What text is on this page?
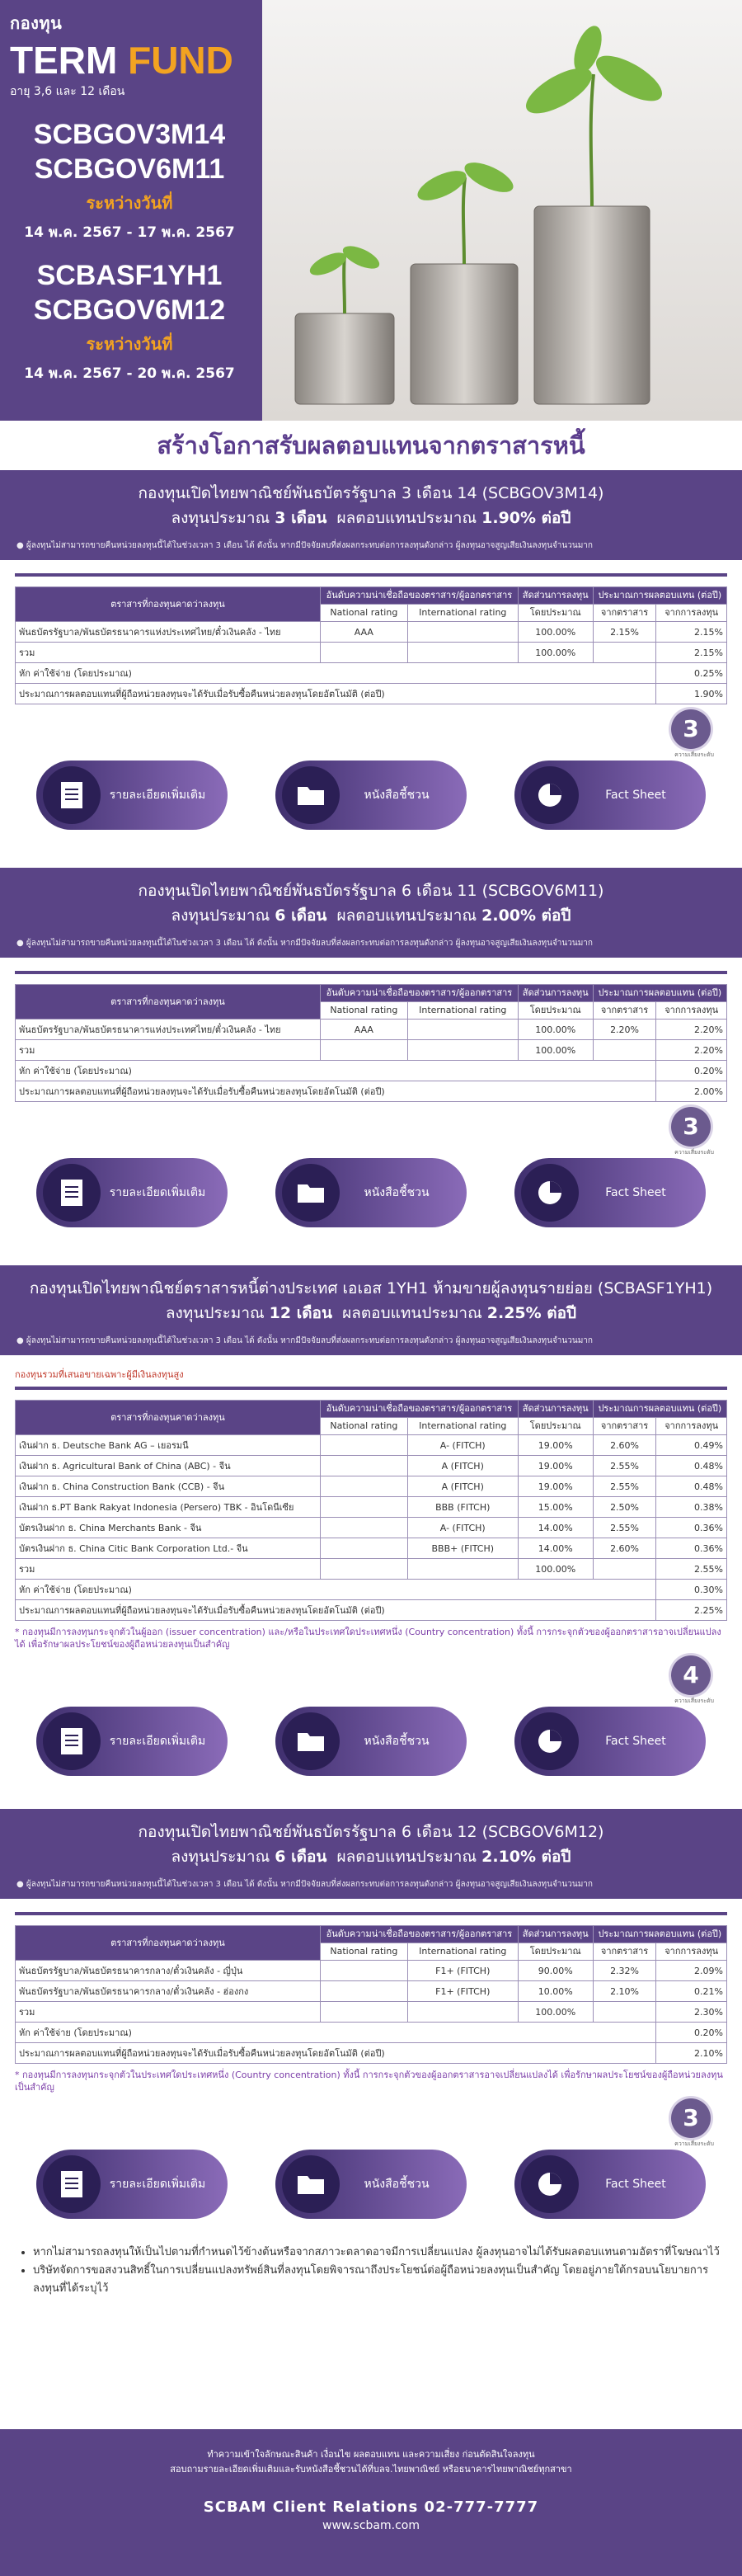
กองทุน
TERM FUND
อายุ 3,6 และ 12 เดือน
SCBGOV3M14
SCBGOV6M11
ระหว่างวันที่
14 พ.ค. 2567 - 17 พ.ค. 2567
SCBASF1YH1
SCBGOV6M12
ระหว่างวันที่
14 พ.ค. 2567 - 20 พ.ค. 2567
สร้างโอกาสรับผลตอบแทนจากตราสารหนี้
กองทุนเปิดไทยพาณิชย์พันธบัตรรัฐบาล 3 เดือน 14 (SCBGOV3M14)
ลงทุนประมาณ 3 เดือน ผลตอบแทนประมาณ 1.90% ต่อปี
● ผู้ลงทุนไม่สามารถขายคืนหน่วยลงทุนนี้ได้ในช่วงเวลา 3 เดือน ได้ ดังนั้น หากมีปัจจัยลบที่ส่งผลกระทบต่อการลงทุนดังกล่าว ผู้ลงทุนอาจสูญเสียเงินลงทุนจำนวนมาก
ตราสารที่กองทุนคาดว่าลงทุน	อันดับความน่าเชื่อถือของตราสาร/ผู้ออกตราสาร		สัดส่วนการลงทุน	ประมาณการผลตอบแทน (ต่อปี)	
	National rating	International rating	โดยประมาณ	จากตราสาร	จากการลงทุน
พันธบัตรรัฐบาล/พันธบัตรธนาคารแห่งประเทศไทย/ตั๋วเงินคลัง - ไทย	AAA		100.00%	2.15%	2.15%
รวม			100.00%		2.15%
หัก ค่าใช้จ่าย (โดยประมาณ)					0.25%
ประมาณการผลตอบแทนที่ผู้ถือหน่วยลงทุนจะได้รับเมื่อรับซื้อคืนหน่วยลงทุนโดยอัตโนมัติ (ต่อปี)					1.90%
3
ความเสี่ยงระดับ
รายละเอียดเพิ่มเติม	หนังสือชี้ชวน	Fact Sheet
กองทุนเปิดไทยพาณิชย์พันธบัตรรัฐบาล 6 เดือน 11 (SCBGOV6M11)
ลงทุนประมาณ 6 เดือน ผลตอบแทนประมาณ 2.00% ต่อปี
● ผู้ลงทุนไม่สามารถขายคืนหน่วยลงทุนนี้ได้ในช่วงเวลา 3 เดือน ได้ ดังนั้น หากมีปัจจัยลบที่ส่งผลกระทบต่อการลงทุนดังกล่าว ผู้ลงทุนอาจสูญเสียเงินลงทุนจำนวนมาก
ตราสารที่กองทุนคาดว่าลงทุน	อันดับความน่าเชื่อถือของตราสาร/ผู้ออกตราสาร		สัดส่วนการลงทุน	ประมาณการผลตอบแทน (ต่อปี)	
	National rating	International rating	โดยประมาณ	จากตราสาร	จากการลงทุน
พันธบัตรรัฐบาล/พันธบัตรธนาคารแห่งประเทศไทย/ตั๋วเงินคลัง - ไทย	AAA		100.00%	2.20%	2.20%
รวม			100.00%		2.20%
หัก ค่าใช้จ่าย (โดยประมาณ)					0.20%
ประมาณการผลตอบแทนที่ผู้ถือหน่วยลงทุนจะได้รับเมื่อรับซื้อคืนหน่วยลงทุนโดยอัตโนมัติ (ต่อปี)					2.00%
3
ความเสี่ยงระดับ
รายละเอียดเพิ่มเติม	หนังสือชี้ชวน	Fact Sheet
กองทุนเปิดไทยพาณิชย์ตราสารหนี้ต่างประเทศ เอเอส 1YH1 ห้ามขายผู้ลงทุนรายย่อย (SCBASF1YH1)
ลงทุนประมาณ 12 เดือน ผลตอบแทนประมาณ 2.25% ต่อปี
● ผู้ลงทุนไม่สามารถขายคืนหน่วยลงทุนนี้ได้ในช่วงเวลา 3 เดือน ได้ ดังนั้น หากมีปัจจัยลบที่ส่งผลกระทบต่อการลงทุนดังกล่าว ผู้ลงทุนอาจสูญเสียเงินลงทุนจำนวนมาก
กองทุนรวมที่เสนอขายเฉพาะผู้มีเงินลงทุนสูง
ตราสารที่กองทุนคาดว่าลงทุน	อันดับความน่าเชื่อถือของตราสาร/ผู้ออกตราสาร		สัดส่วนการลงทุน	ประมาณการผลตอบแทน (ต่อปี)	
	National rating	International rating	โดยประมาณ	จากตราสาร	จากการลงทุน
เงินฝาก ธ. Deutsche Bank AG – เยอรมนี		A- (FITCH)	19.00%	2.60%	0.49%
เงินฝาก ธ. Agricultural Bank of China (ABC) - จีน		A (FITCH)	19.00%	2.55%	0.48%
เงินฝาก ธ. China Construction Bank (CCB) - จีน		A (FITCH)	19.00%	2.55%	0.48%
เงินฝาก ธ.PT Bank Rakyat Indonesia (Persero) TBK - อินโดนีเซีย		BBB (FITCH)	15.00%	2.50%	0.38%
บัตรเงินฝาก ธ. China Merchants Bank - จีน		A- (FITCH)	14.00%	2.55%	0.36%
บัตรเงินฝาก ธ. China Citic Bank Corporation Ltd.- จีน		BBB+ (FITCH)	14.00%	2.60%	0.36%
รวม			100.00%		2.55%
หัก ค่าใช้จ่าย (โดยประมาณ)					0.30%
ประมาณการผลตอบแทนที่ผู้ถือหน่วยลงทุนจะได้รับเมื่อรับซื้อคืนหน่วยลงทุนโดยอัตโนมัติ (ต่อปี)					2.25%
* กองทุนมีการลงทุนกระจุกตัวในผู้ออก (issuer concentration) และ/หรือในประเทศใดประเทศหนึ่ง (Country concentration) ทั้งนี้ การกระจุกตัวของผู้ออกตราสารอาจเปลี่ยนแปลงได้ เพื่อรักษาผลประโยชน์ของผู้ถือหน่วยลงทุนเป็นสำคัญ
4
ความเสี่ยงระดับ
รายละเอียดเพิ่มเติม	หนังสือชี้ชวน	Fact Sheet
กองทุนเปิดไทยพาณิชย์พันธบัตรรัฐบาล 6 เดือน 12 (SCBGOV6M12)
ลงทุนประมาณ 6 เดือน ผลตอบแทนประมาณ 2.10% ต่อปี
● ผู้ลงทุนไม่สามารถขายคืนหน่วยลงทุนนี้ได้ในช่วงเวลา 3 เดือน ได้ ดังนั้น หากมีปัจจัยลบที่ส่งผลกระทบต่อการลงทุนดังกล่าว ผู้ลงทุนอาจสูญเสียเงินลงทุนจำนวนมาก
ตราสารที่กองทุนคาดว่าลงทุน	อันดับความน่าเชื่อถือของตราสาร/ผู้ออกตราสาร		สัดส่วนการลงทุน	ประมาณการผลตอบแทน (ต่อปี)	
	National rating	International rating	โดยประมาณ	จากตราสาร	จากการลงทุน
พันธบัตรรัฐบาล/พันธบัตรธนาคารกลาง/ตั๋วเงินคลัง - ญี่ปุ่น		F1+ (FITCH)	90.00%	2.32%	2.09%
พันธบัตรรัฐบาล/พันธบัตรธนาคารกลาง/ตั๋วเงินคลัง - ฮ่องกง		F1+ (FITCH)	10.00%	2.10%	0.21%
รวม			100.00%		2.30%
หัก ค่าใช้จ่าย (โดยประมาณ)					0.20%
ประมาณการผลตอบแทนที่ผู้ถือหน่วยลงทุนจะได้รับเมื่อรับซื้อคืนหน่วยลงทุนโดยอัตโนมัติ (ต่อปี)					2.10%
* กองทุนมีการลงทุนกระจุกตัวในประเทศใดประเทศหนึ่ง (Country concentration) ทั้งนี้ การกระจุกตัวของผู้ออกตราสารอาจเปลี่ยนแปลงได้ เพื่อรักษาผลประโยชน์ของผู้ถือหน่วยลงทุนเป็นสำคัญ
3
ความเสี่ยงระดับ
รายละเอียดเพิ่มเติม	หนังสือชี้ชวน	Fact Sheet
• หากไม่สามารถลงทุนให้เป็นไปตามที่กำหนดไว้ข้างต้นหรือจากสภาวะตลาดอาจมีการเปลี่ยนแปลง ผู้ลงทุนอาจไม่ได้รับผลตอบแทนตามอัตราที่โฆษณาไว้
• บริษัทจัดการขอสงวนสิทธิ์ในการเปลี่ยนแปลงทรัพย์สินที่ลงทุนโดยพิจารณาถึงประโยชน์ต่อผู้ถือหน่วยลงทุนเป็นสำคัญ โดยอยู่ภายใต้กรอบนโยบายการลงทุนที่ได้ระบุไว้
ทำความเข้าใจลักษณะสินค้า เงื่อนไข ผลตอบแทน และความเสี่ยง ก่อนตัดสินใจลงทุน
สอบถามรายละเอียดเพิ่มเติมและรับหนังสือชี้ชวนได้ที่บลจ.ไทยพาณิชย์ หรือธนาคารไทยพาณิชย์ทุกสาขา
SCBAM Client Relations 02-777-7777
www.scbam.com
